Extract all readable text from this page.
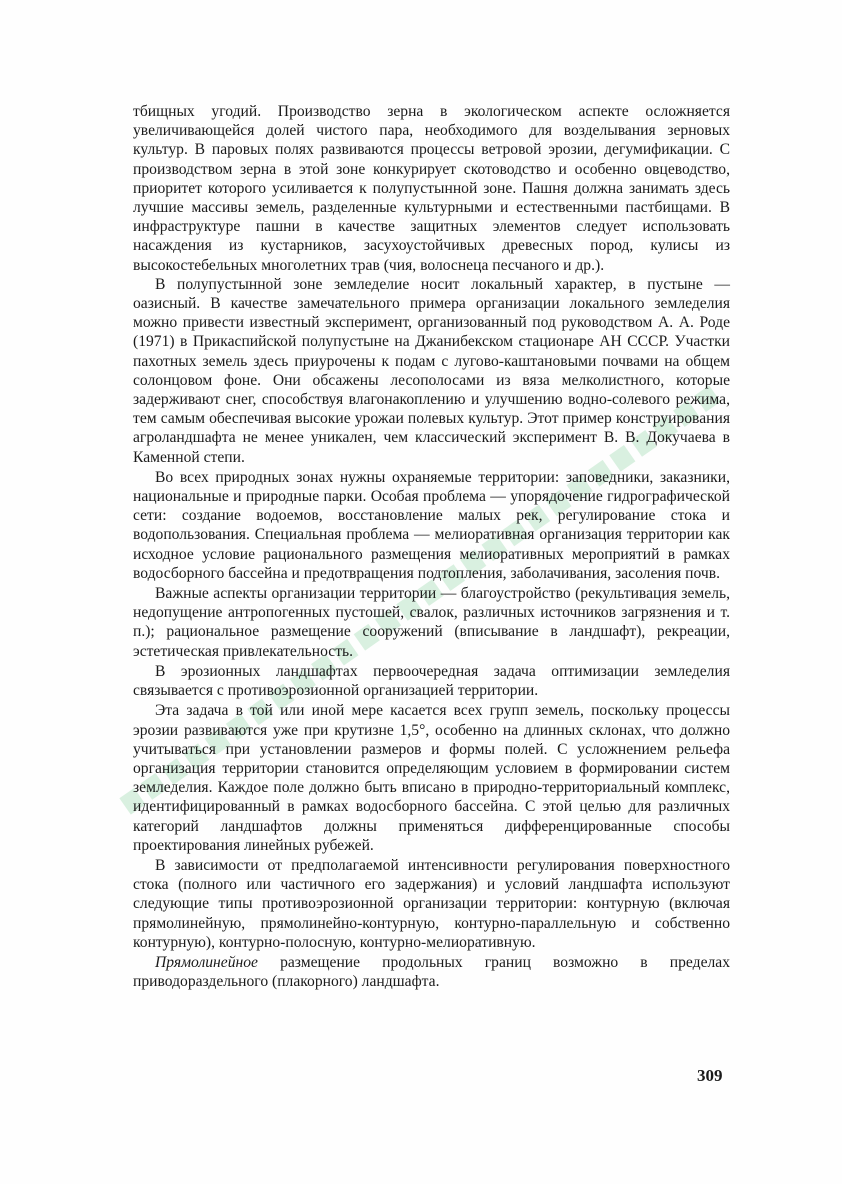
тбищных угодий. Производство зерна в экологическом аспекте осложняется увеличивающейся долей чистого пара, необходимого для возделывания зерновых культур. В паровых полях развиваются процессы ветровой эрозии, дегумификации. С производством зерна в этой зоне конкурирует скотоводство и особенно овцеводство, приоритет которого усиливается к полупустынной зоне. Пашня должна занимать здесь лучшие массивы земель, разделенные культурными и естественными пастбищами. В инфраструктуре пашни в качестве защитных элементов следует использовать насаждения из кустарников, засухоустойчивых древесных пород, кулисы из высокостебельных многолетних трав (чия, волоснеца песчаного и др.).

В полупустынной зоне земледелие носит локальный характер, в пустыне — оазисный. В качестве замечательного примера организации локального земледелия можно привести известный эксперимент, организованный под руководством А. А. Роде (1971) в Прикаспийской полупустыне на Джанибекском стационаре АН СССР. Участки пахотных земель здесь приурочены к подам с лугово-каштановыми почвами на общем солонцовом фоне. Они обсажены лесополосами из вяза мелколистного, которые задерживают снег, способствуя влагонакоплению и улучшению водно-солевого режима, тем самым обеспечивая высокие урожаи полевых культур. Этот пример конструирования агроландшафта не менее уникален, чем классический эксперимент В. В. Докучаева в Каменной степи.

Во всех природных зонах нужны охраняемые территории: заповедники, заказники, национальные и природные парки. Особая проблема — упорядочение гидрографической сети: создание водоемов, восстановление малых рек, регулирование стока и водопользования. Специальная проблема — мелиоративная организация территории как исходное условие рационального размещения мелиоративных мероприятий в рамках водосборного бассейна и предотвращения подтопления, заболачивания, засоления почв.

Важные аспекты организации территории — благоустройство (рекультивация земель, недопущение антропогенных пустошей, свалок, различных источников загрязнения и т. п.); рациональное размещение сооружений (вписывание в ландшафт), рекреации, эстетическая привлекательность.

В эрозионных ландшафтах первоочередная задача оптимизации земледелия связывается с противоэрозионной организацией территории.

Эта задача в той или иной мере касается всех групп земель, поскольку процессы эрозии развиваются уже при крутизне 1,5°, особенно на длинных склонах, что должно учитываться при установлении размеров и формы полей. С усложнением рельефа организация территории становится определяющим условием в формировании систем земледелия. Каждое поле должно быть вписано в природно-территориальный комплекс, идентифицированный в рамках водосборного бассейна. С этой целью для различных категорий ландшафтов должны применяться дифференцированные способы проектирования линейных рубежей.

В зависимости от предполагаемой интенсивности регулирования поверхностного стока (полного или частичного его задержания) и условий ландшафта используют следующие типы противоэрозионной организации территории: контурную (включая прямолинейную, прямолинейно-контурную, контурно-параллельную и собственно контурную), контурно-полосную, контурно-мелиоративную.

Прямолинейное размещение продольных границ возможно в пределах приводораздельного (плакорного) ландшафта.

309
